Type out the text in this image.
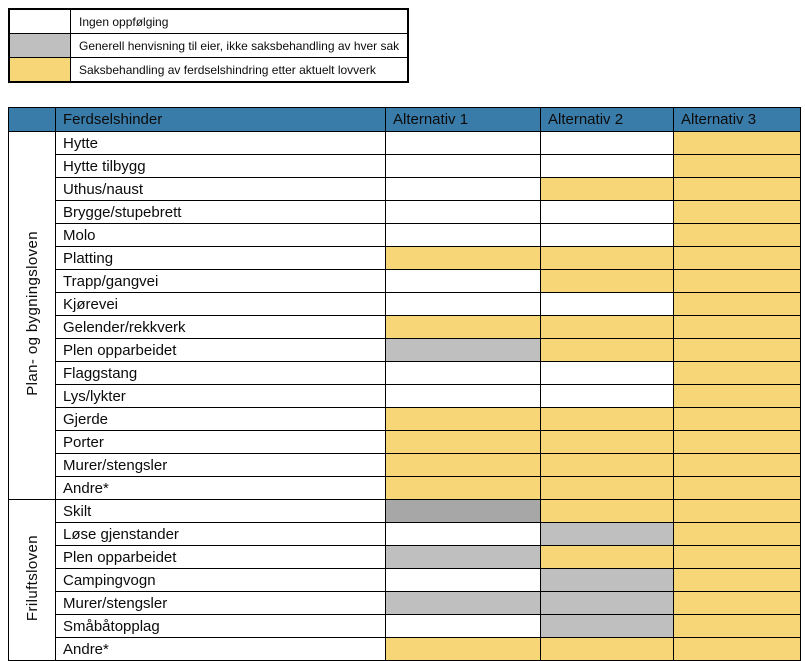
	Ingen oppfølging
	Generell henvisning til eier, ikke saksbehandling av hver sak
	Saksbehandling av ferdselshindring etter aktuelt lovverk
	Ferdselshinder	Alternativ 1	Alternativ 2	Alternativ 3
Plan- og bygningsloven	Hytte			
	Hytte tilbygg			
	Uthus/naust			
	Brygge/stupebrett			
	Molo			
	Platting			
	Trapp/gangvei			
	Kjørevei			
	Gelender/rekkverk			
	Plen opparbeidet			
	Flaggstang			
	Lys/lykter			
	Gjerde			
	Porter			
	Murer/stengsler			
	Andre*			
Friluftsloven	Skilt			
	Løse gjenstander			
	Plen opparbeidet			
	Campingvogn			
	Murer/stengsler			
	Småbåtopplag			
	Andre*			
